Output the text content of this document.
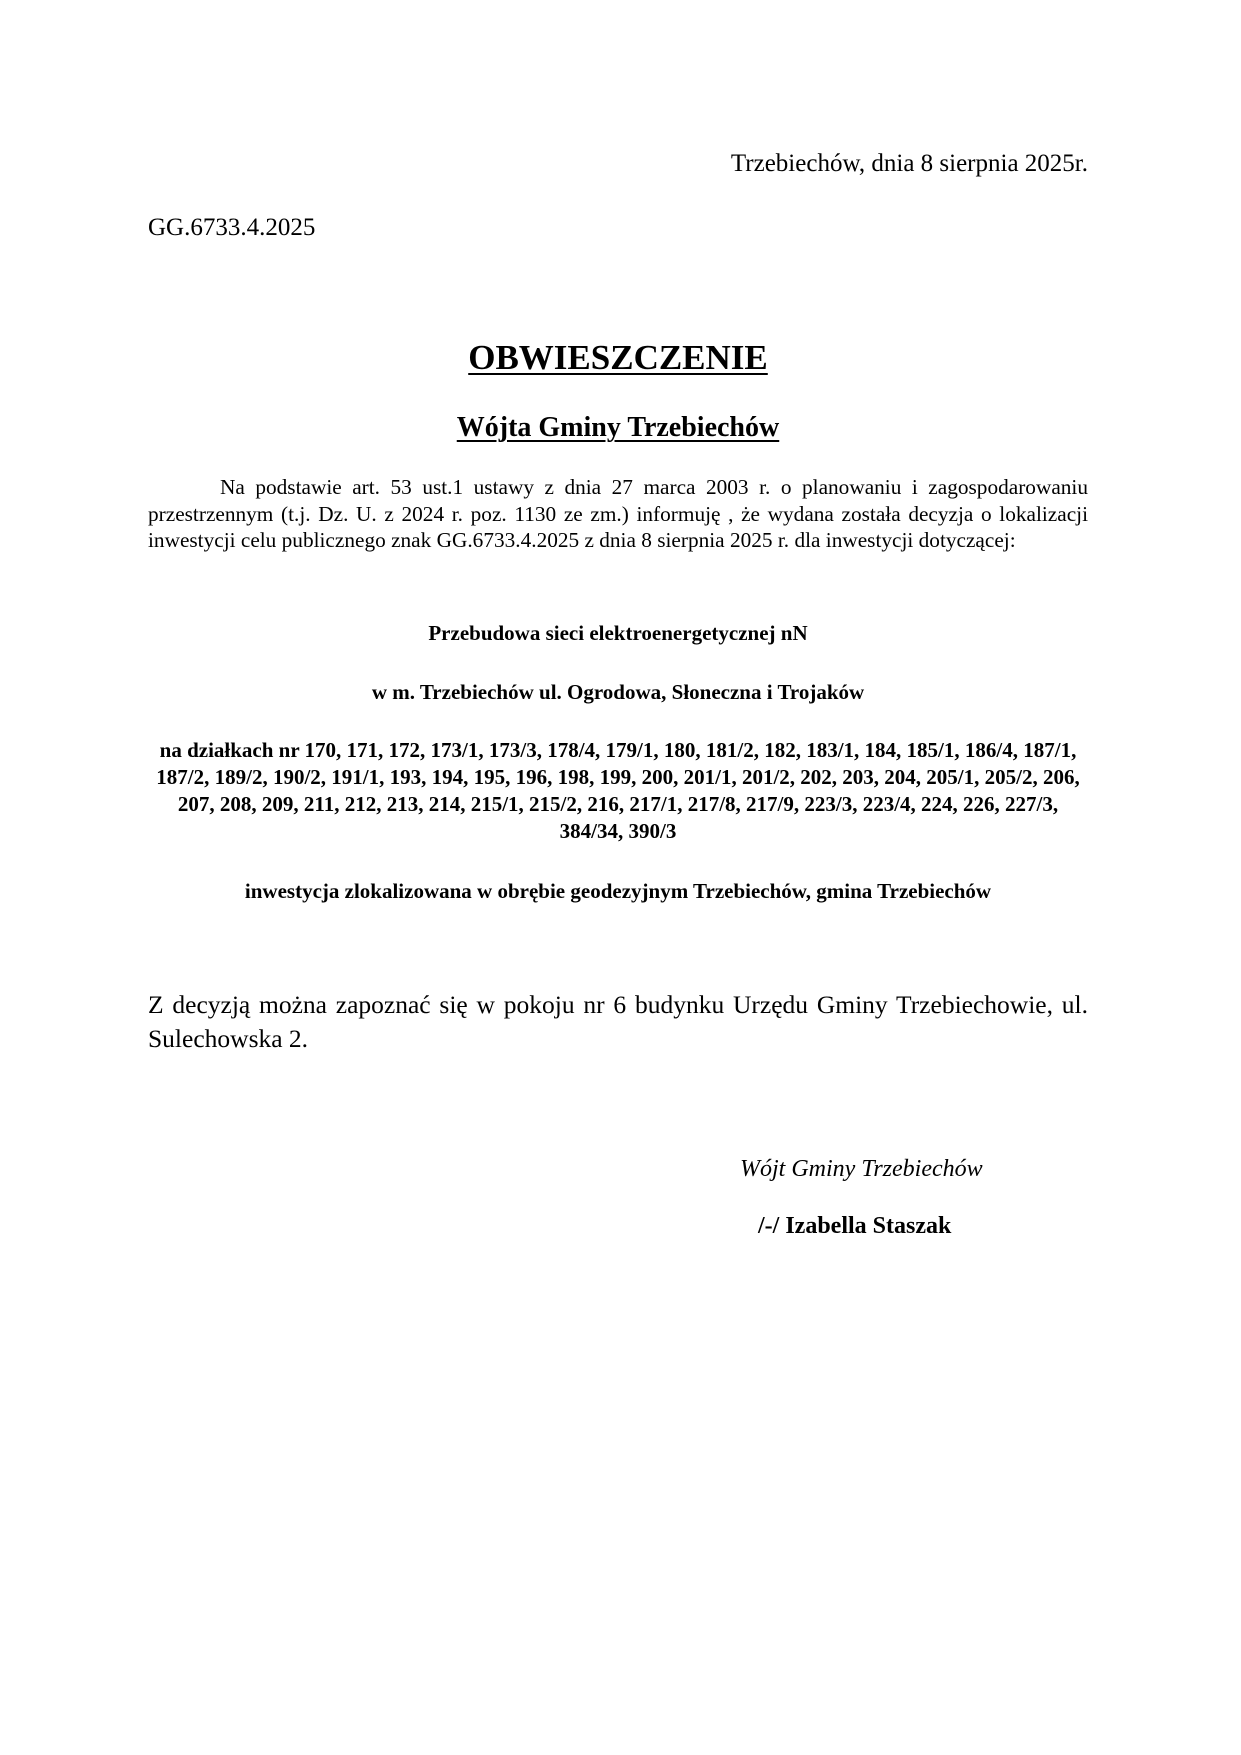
Trzebiechów, dnia 8 sierpnia 2025r.
GG.6733.4.2025
OBWIESZCZENIE
Wójta Gminy Trzebiechów

Na podstawie art. 53 ust.1 ustawy z dnia 27 marca 2003 r. o planowaniu i zagospodarowaniu przestrzennym (t.j. Dz. U. z 2024 r. poz. 1130 ze zm.) informuję , że wydana została decyzja o lokalizacji inwestycji celu publicznego znak GG.6733.4.2025 z dnia 8 sierpnia 2025 r. dla inwestycji dotyczącej:

Przebudowa sieci elektroenergetycznej nN

w m. Trzebiechów ul. Ogrodowa, Słoneczna i Trojaków

na działkach nr 170, 171, 172, 173/1, 173/3, 178/4, 179/1, 180, 181/2, 182, 183/1, 184, 185/1, 186/4, 187/1, 187/2, 189/2, 190/2, 191/1, 193, 194, 195, 196, 198, 199, 200, 201/1, 201/2, 202, 203, 204, 205/1, 205/2, 206, 207, 208, 209, 211, 212, 213, 214, 215/1, 215/2, 216, 217/1, 217/8, 217/9, 223/3, 223/4, 224, 226, 227/3, 384/34, 390/3

inwestycja zlokalizowana w obrębie geodezyjnym Trzebiechów, gmina Trzebiechów

Z decyzją można zapoznać się w pokoju nr 6 budynku Urzędu Gminy Trzebiechowie, ul. Sulechowska 2.

Wójt Gminy Trzebiechów
/-/ Izabella Staszak
